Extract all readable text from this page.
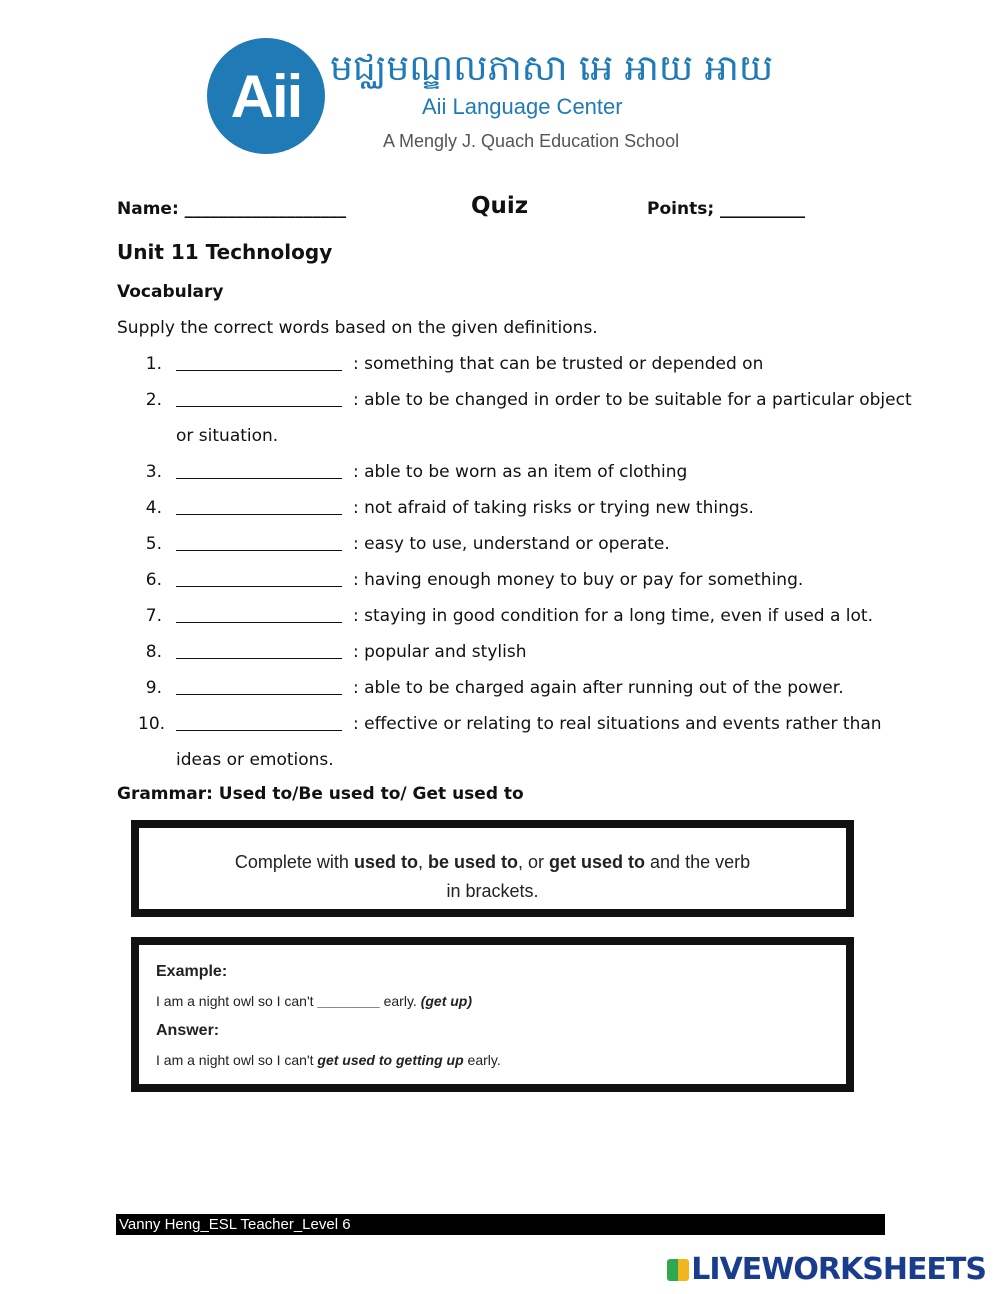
Aii មជ្ឈមណ្ឌលភាសា អេ អាយ អាយ
Aii Language Center
A Mengly J. Quach Education School
Name: ___________________	Quiz	Points; __________
Unit 11 Technology
Vocabulary
Supply the correct words based on the given definitions.
1.	: something that can be trusted or depended on
2.	: able to be changed in order to be suitable for a particular object
or situation.
3.	: able to be worn as an item of clothing
4.	: not afraid of taking risks or trying new things.
5.	: easy to use, understand or operate.
6.	: having enough money to buy or pay for something.
7.	: staying in good condition for a long time, even if used a lot.
8.	: popular and stylish
9.	: able to be charged again after running out of the power.
10.	: effective or relating to real situations and events rather than
ideas or emotions.
Grammar: Used to/Be used to/ Get used to
Complete with used to, be used to, or get used to and the verb
in brackets.
Example:
I am a night owl so I can't ________ early. (get up)
Answer:
I am a night owl so I can't get used to getting up early.
Vanny Heng_ESL Teacher_Level 6
LIVEWORKSHEETS
